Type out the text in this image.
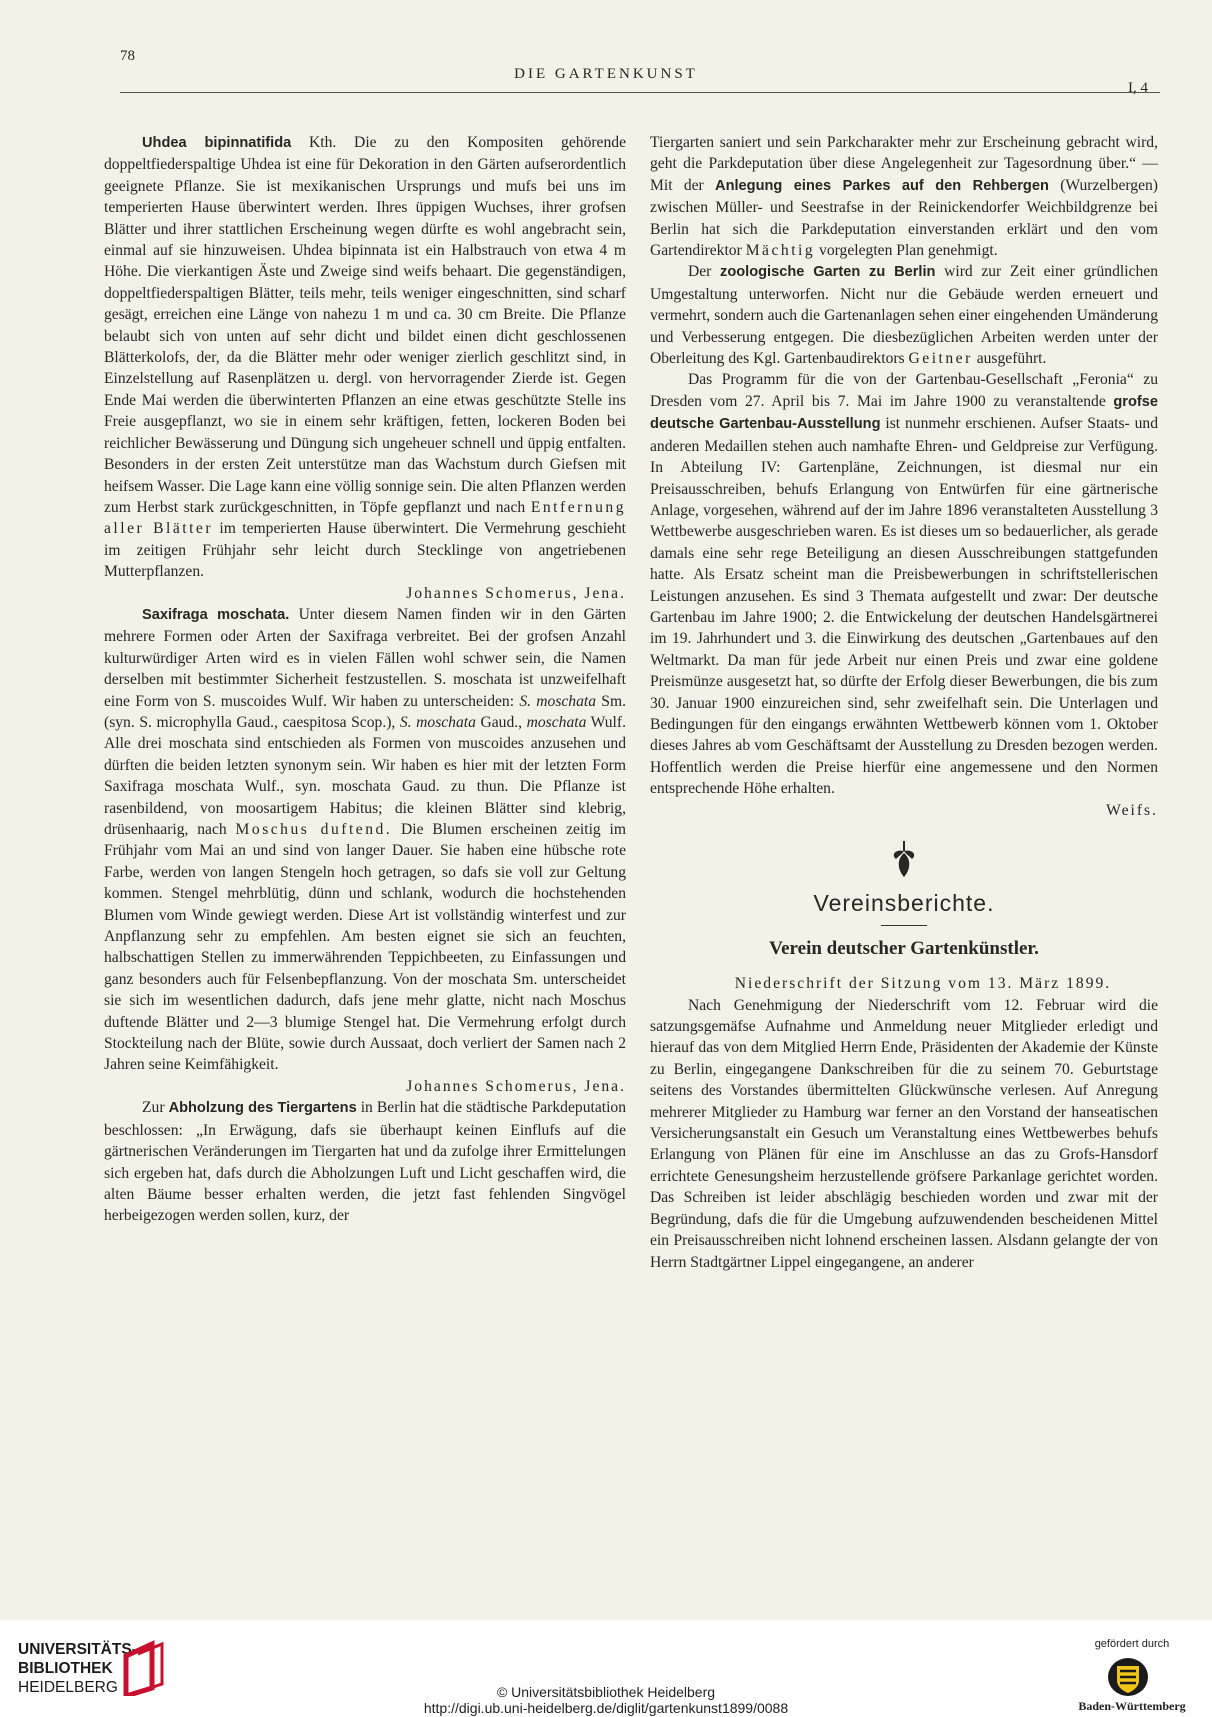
78
DIE GARTENKUNST
I, 4

Uhdea bipinnatifida Kth. Die zu den Kompositen gehörende doppeltfiederspaltige Uhdea ist eine für Dekoration in den Gärten aufserordentlich geeignete Pflanze. Sie ist mexikanischen Ursprungs und mufs bei uns im temperierten Hause überwintert werden. Ihres üppigen Wuchses, ihrer grofsen Blätter und ihrer stattlichen Erscheinung wegen dürfte es wohl angebracht sein, einmal auf sie hinzuweisen. Uhdea bipinnata ist ein Halbstrauch von etwa 4 m Höhe. Die vierkantigen Äste und Zweige sind weifs behaart. Die gegenständigen, doppeltfiederspaltigen Blätter, teils mehr, teils weniger eingeschnitten, sind scharf gesägt, erreichen eine Länge von nahezu 1 m und ca. 30 cm Breite. Die Pflanze belaubt sich von unten auf sehr dicht und bildet einen dicht geschlossenen Blätterkolofs, der, da die Blätter mehr oder weniger zierlich geschlitzt sind, in Einzelstellung auf Rasenplätzen u. dergl. von hervorragender Zierde ist. Gegen Ende Mai werden die überwinterten Pflanzen an eine etwas geschützte Stelle ins Freie ausgepflanzt, wo sie in einem sehr kräftigen, fetten, lockeren Boden bei reichlicher Bewässerung und Düngung sich ungeheuer schnell und üppig entfalten. Besonders in der ersten Zeit unterstütze man das Wachstum durch Giefsen mit heifsem Wasser. Die Lage kann eine völlig sonnige sein. Die alten Pflanzen werden zum Herbst stark zurückgeschnitten, in Töpfe gepflanzt und nach Entfernung aller Blätter im temperierten Hause überwintert. Die Vermehrung geschieht im zeitigen Frühjahr sehr leicht durch Stecklinge von angetriebenen Mutterpflanzen.

Johannes Schomerus, Jena.

Saxifraga moschata. Unter diesem Namen finden wir in den Gärten mehrere Formen oder Arten der Saxifraga verbreitet. Bei der grofsen Anzahl kulturwürdiger Arten wird es in vielen Fällen wohl schwer sein, die Namen derselben mit bestimmter Sicherheit festzustellen. S. moschata ist unzweifelhaft eine Form von S. muscoides Wulf. Wir haben zu unterscheiden: S. moschata Sm. (syn. S. microphylla Gaud., caespitosa Scop.), S. moschata Gaud., moschata Wulf. Alle drei moschata sind entschieden als Formen von muscoides anzusehen und dürften die beiden letzten synonym sein. Wir haben es hier mit der letzten Form Saxifraga moschata Wulf., syn. moschata Gaud. zu thun. Die Pflanze ist rasenbildend, von moosartigem Habitus; die kleinen Blätter sind klebrig, drüsenhaarig, nach Moschus duftend. Die Blumen erscheinen zeitig im Frühjahr vom Mai an und sind von langer Dauer. Sie haben eine hübsche rote Farbe, werden von langen Stengeln hoch getragen, so dafs sie voll zur Geltung kommen. Stengel mehrblütig, dünn und schlank, wodurch die hochstehenden Blumen vom Winde gewiegt werden. Diese Art ist vollständig winterfest und zur Anpflanzung sehr zu empfehlen. Am besten eignet sie sich an feuchten, halbschattigen Stellen zu immerwährenden Teppichbeeten, zu Einfassungen und ganz besonders auch für Felsenbepflanzung. Von der moschata Sm. unterscheidet sie sich im wesentlichen dadurch, dafs jene mehr glatte, nicht nach Moschus duftende Blätter und 2—3 blumige Stengel hat. Die Vermehrung erfolgt durch Stockteilung nach der Blüte, sowie durch Aussaat, doch verliert der Samen nach 2 Jahren seine Keimfähigkeit.

Johannes Schomerus, Jena.

Zur Abholzung des Tiergartens in Berlin hat die städtische Parkdeputation beschlossen: „In Erwägung, dafs sie überhaupt keinen Einflufs auf die gärtnerischen Veränderungen im Tiergarten hat und da zufolge ihrer Ermittelungen sich ergeben hat, dafs durch die Abholzungen Luft und Licht geschaffen wird, die alten Bäume besser erhalten werden, die jetzt fast fehlenden Singvögel herbeigezogen werden sollen, kurz, der

Tiergarten saniert und sein Parkcharakter mehr zur Erscheinung gebracht wird, geht die Parkdeputation über diese Angelegenheit zur Tagesordnung über.“ — Mit der Anlegung eines Parkes auf den Rehbergen (Wurzelbergen) zwischen Müller- und Seestrafse in der Reinickendorfer Weichbildgrenze bei Berlin hat sich die Parkdeputation einverstanden erklärt und den vom Gartendirektor Mächtig vorgelegten Plan genehmigt.

Der zoologische Garten zu Berlin wird zur Zeit einer gründlichen Umgestaltung unterworfen. Nicht nur die Gebäude werden erneuert und vermehrt, sondern auch die Gartenanlagen sehen einer eingehenden Umänderung und Verbesserung entgegen. Die diesbezüglichen Arbeiten werden unter der Oberleitung des Kgl. Gartenbaudirektors Geitner ausgeführt.

Das Programm für die von der Gartenbau-Gesellschaft „Feronia“ zu Dresden vom 27. April bis 7. Mai im Jahre 1900 zu veranstaltende grofse deutsche Gartenbau-Ausstellung ist nunmehr erschienen. Aufser Staats- und anderen Medaillen stehen auch namhafte Ehren- und Geldpreise zur Verfügung. In Abteilung IV: Gartenpläne, Zeichnungen, ist diesmal nur ein Preisausschreiben, behufs Erlangung von Entwürfen für eine gärtnerische Anlage, vorgesehen, während auf der im Jahre 1896 veranstalteten Ausstellung 3 Wettbewerbe ausgeschrieben waren. Es ist dieses um so bedauerlicher, als gerade damals eine sehr rege Beteiligung an diesen Ausschreibungen stattgefunden hatte. Als Ersatz scheint man die Preisbewerbungen in schriftstellerischen Leistungen anzusehen. Es sind 3 Themata aufgestellt und zwar: Der deutsche Gartenbau im Jahre 1900; 2. die Entwickelung der deutschen Handelsgärtnerei im 19. Jahrhundert und 3. die Einwirkung des deutschen „Gartenbaues auf den Weltmarkt. Da man für jede Arbeit nur einen Preis und zwar eine goldene Preismünze ausgesetzt hat, so dürfte der Erfolg dieser Bewerbungen, die bis zum 30. Januar 1900 einzureichen sind, sehr zweifelhaft sein. Die Unterlagen und Bedingungen für den eingangs erwähnten Wettbewerb können vom 1. Oktober dieses Jahres ab vom Geschäftsamt der Ausstellung zu Dresden bezogen werden. Hoffentlich werden die Preise hierfür eine angemessene und den Normen entsprechende Höhe erhalten.

Weifs.

Vereinsberichte.
Verein deutscher Gartenkünstler.

Niederschrift der Sitzung vom 13. März 1899.

Nach Genehmigung der Niederschrift vom 12. Februar wird die satzungsgemäfse Aufnahme und Anmeldung neuer Mitglieder erledigt und hierauf das von dem Mitglied Herrn Ende, Präsidenten der Akademie der Künste zu Berlin, eingegangene Dankschreiben für die zu seinem 70. Geburtstage seitens des Vorstandes übermittelten Glückwünsche verlesen. Auf Anregung mehrerer Mitglieder zu Hamburg war ferner an den Vorstand der hanseatischen Versicherungsanstalt ein Gesuch um Veranstaltung eines Wettbewerbes behufs Erlangung von Plänen für eine im Anschlusse an das zu Grofs-Hansdorf errichtete Genesungsheim herzustellende gröfsere Parkanlage gerichtet worden. Das Schreiben ist leider abschlägig beschieden worden und zwar mit der Begründung, dafs die für die Umgebung aufzuwendenden bescheidenen Mittel ein Preisausschreiben nicht lohnend erscheinen lassen. Alsdann gelangte der von Herrn Stadtgärtner Lippel eingegangene, an anderer

UNIVERSITÄTS-
BIBLIOTHEK
HEIDELBERG	© Universitätsbibliothek Heidelberg
http://digi.ub.uni-heidelberg.de/diglit/gartenkunst1899/0088
gefördert durch
Baden-Württemberg
